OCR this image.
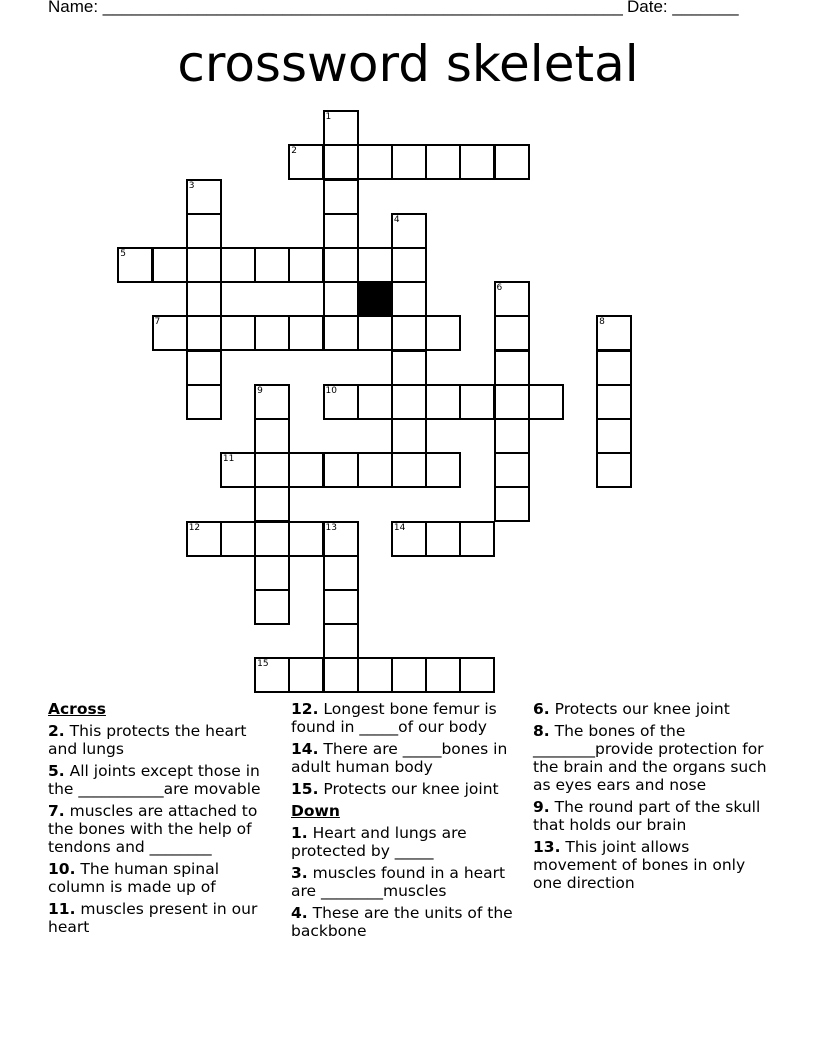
Name: _______________________________________________________ Date: _______
crossword skeletal
1
2
3
4
5
6
7	8
9	10
11
12	13	14
15
Across
2. This protects the heart and lungs
5. All joints except those in the ___________are movable
7. muscles are attached to the bones with the help of tendons and ________
10. The human spinal column is made up of
11. muscles present in our heart
12. Longest bone femur is found in _____of our body
14. There are _____bones in adult human body
15. Protects our knee joint
Down
1. Heart and lungs are protected by _____
3. muscles found in a heart are ________muscles
4. These are the units of the backbone
6. Protects our knee joint
8. The bones of the ________provide protection for the brain and the organs such as eyes ears and nose
9. The round part of the skull that holds our brain
13. This joint allows movement of bones in only one direction
